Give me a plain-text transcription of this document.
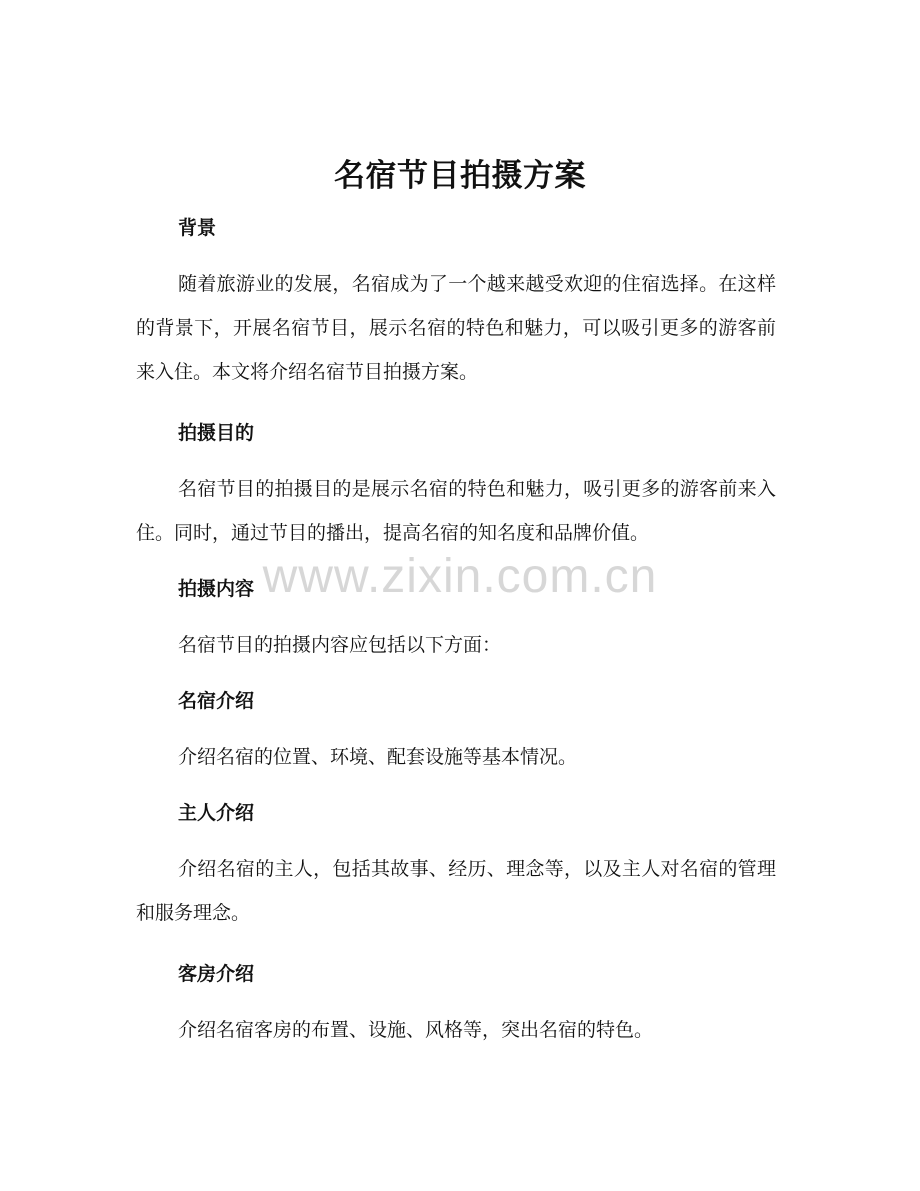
名宿节目拍摄方案

背景

随着旅游业的发展，名宿成为了一个越来越受欢迎的住宿选择。在这样的背景下，开展名宿节目，展示名宿的特色和魅力，可以吸引更多的游客前来入住。本文将介绍名宿节目拍摄方案。

拍摄目的

名宿节目的拍摄目的是展示名宿的特色和魅力，吸引更多的游客前来入住。同时，通过节目的播出，提高名宿的知名度和品牌价值。

拍摄内容

名宿节目的拍摄内容应包括以下方面：

名宿介绍

介绍名宿的位置、环境、配套设施等基本情况。

主人介绍

介绍名宿的主人，包括其故事、经历、理念等，以及主人对名宿的管理和服务理念。

客房介绍

介绍名宿客房的布置、设施、风格等，突出名宿的特色。

www.zixin.com.cn
